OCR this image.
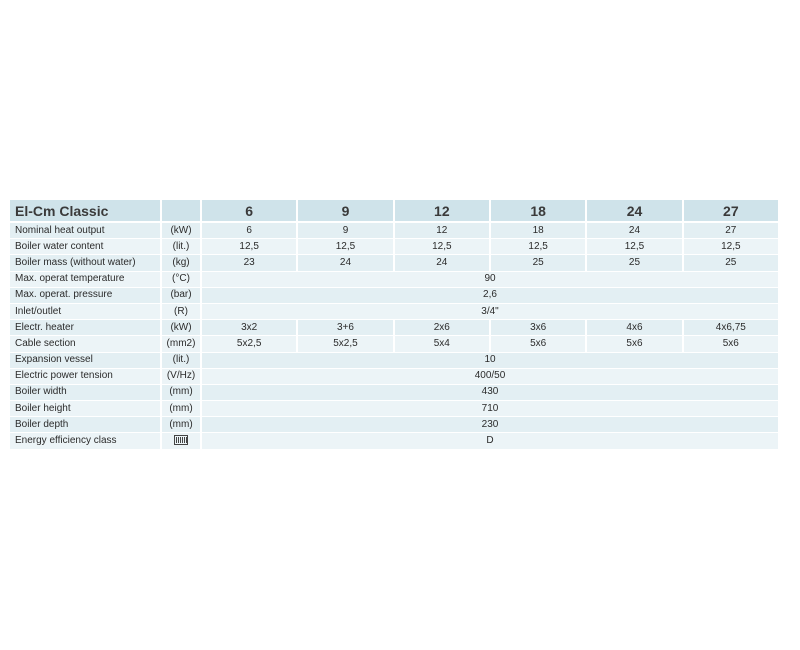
El-Cm Classic		6	9	12	18	24	27
Nominal heat output	(kW)	6	9	12	18	24	27
Boiler water content	(lit.)	12,5	12,5	12,5	12,5	12,5	12,5
Boiler mass (without water)	(kg)	23	24	24	25	25	25
Max. operat temperature	(°C)	90					
Max. operat. pressure	(bar)	2,6					
Inlet/outlet	(R)	3/4"					
Electr. heater	(kW)	3x2	3+6	2x6	3x6	4x6	4x6,75
Cable section	(mm2)	5x2,5	5x2,5	5x4	5x6	5x6	5x6
Expansion vessel	(lit.)	10					
Electric power tension	(V/Hz)	400/50					
Boiler width	(mm)	430					
Boiler height	(mm)	710					
Boiler depth	(mm)	230					
Energy efficiency class		D					
